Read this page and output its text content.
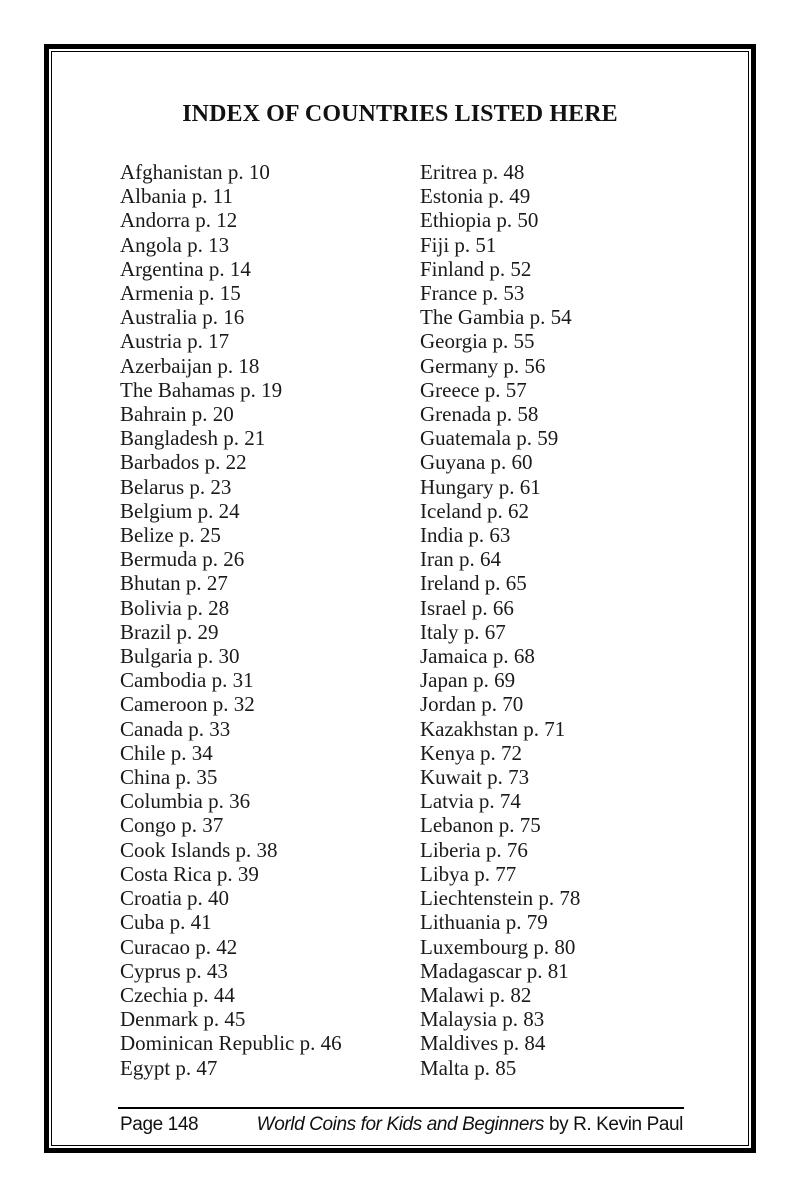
INDEX OF COUNTRIES LISTED HERE
Afghanistan p. 10
Albania p. 11
Andorra p. 12
Angola p. 13
Argentina p. 14
Armenia p. 15
Australia p. 16
Austria p. 17
Azerbaijan p. 18
The Bahamas p. 19
Bahrain p. 20
Bangladesh p. 21
Barbados p. 22
Belarus p. 23
Belgium p. 24
Belize p. 25
Bermuda p. 26
Bhutan p. 27
Bolivia p. 28
Brazil p. 29
Bulgaria p. 30
Cambodia p. 31
Cameroon p. 32
Canada p. 33
Chile p. 34
China p. 35
Columbia p. 36
Congo p. 37
Cook Islands p. 38
Costa Rica p. 39
Croatia p. 40
Cuba p. 41
Curacao p. 42
Cyprus p. 43
Czechia p. 44
Denmark p. 45
Dominican Republic p. 46
Egypt p. 47
Eritrea p. 48
Estonia p. 49
Ethiopia p. 50
Fiji p. 51
Finland p. 52
France p. 53
The Gambia p. 54
Georgia p. 55
Germany p. 56
Greece p. 57
Grenada p. 58
Guatemala p. 59
Guyana p. 60
Hungary p. 61
Iceland p. 62
India p. 63
Iran p. 64
Ireland p. 65
Israel p. 66
Italy p. 67
Jamaica p. 68
Japan p. 69
Jordan p. 70
Kazakhstan p. 71
Kenya p. 72
Kuwait p. 73
Latvia p. 74
Lebanon p. 75
Liberia p. 76
Libya p. 77
Liechtenstein p. 78
Lithuania p. 79
Luxembourg p. 80
Madagascar p. 81
Malawi p. 82
Malaysia p. 83
Maldives p. 84
Malta p. 85
Page 148	World Coins for Kids and Beginners by R. Kevin Paul
